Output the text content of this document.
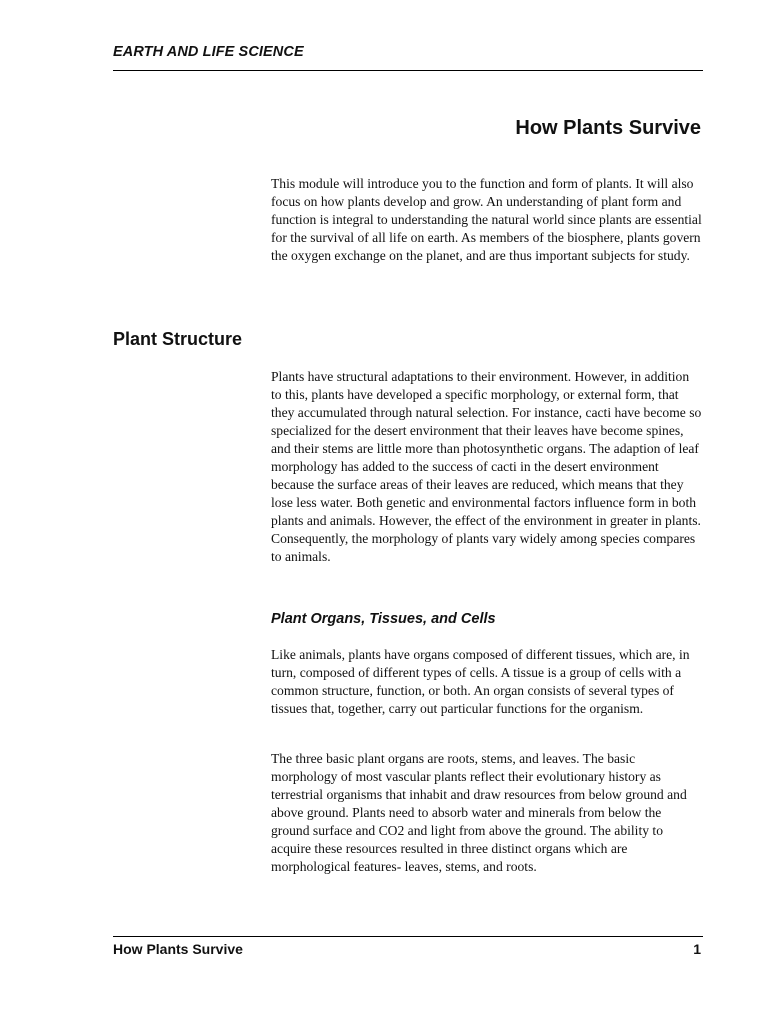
EARTH AND LIFE SCIENCE
How Plants Survive

This module will introduce you to the function and form of plants. It will also focus on how plants develop and grow. An understanding of plant form and function is integral to understanding the natural world since plants are essential for the survival of all life on earth. As members of the biosphere, plants govern the oxygen exchange on the planet, and are thus important subjects for study.

Plant Structure

Plants have structural adaptations to their environment. However, in addition to this, plants have developed a specific morphology, or external form, that they accumulated through natural selection. For instance, cacti have become so specialized for the desert environment that their leaves have become spines, and their stems are little more than photosynthetic organs. The adaption of leaf morphology has added to the success of cacti in the desert environment because the surface areas of their leaves are reduced, which means that they lose less water. Both genetic and environmental factors influence form in both plants and animals. However, the effect of the environment in greater in plants. Consequently, the morphology of plants vary widely among species compares to animals.

Plant Organs, Tissues, and Cells

Like animals, plants have organs composed of different tissues, which are, in turn, composed of different types of cells. A tissue is a group of cells with a common structure, function, or both. An organ consists of several types of tissues that, together, carry out particular functions for the organism.

The three basic plant organs are roots, stems, and leaves. The basic morphology of most vascular plants reflect their evolutionary history as terrestrial organisms that inhabit and draw resources from below ground and above ground. Plants need to absorb water and minerals from below the ground surface and CO2 and light from above the ground. The ability to acquire these resources resulted in three distinct organs which are morphological features- leaves, stems, and roots.

How Plants Survive	1
